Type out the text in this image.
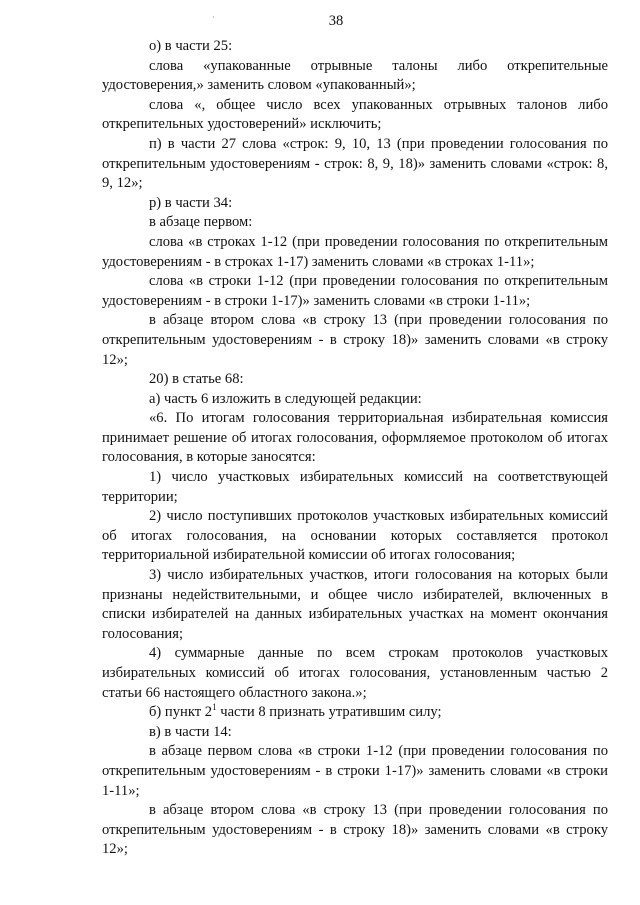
·	38

о) в части 25:

слова «упакованные отрывные талоны либо открепительные удостоверения,» заменить словом «упакованный»;

слова «, общее число всех упакованных отрывных талонов либо открепительных удостоверений» исключить;

п) в части 27 слова «строк: 9, 10, 13 (при проведении голосования по открепительным удостоверениям - строк: 8, 9, 18)» заменить словами «строк: 8, 9, 12»;

р) в части 34:

в абзаце первом:

слова «в строках 1-12 (при проведении голосования по открепительным удостоверениям - в строках 1-17) заменить словами «в строках 1-11»;

слова «в строки 1-12 (при проведении голосования по открепительным удостоверениям - в строки 1-17)» заменить словами «в строки 1-11»;

в абзаце втором слова «в строку 13 (при проведении голосования по открепительным удостоверениям - в строку 18)» заменить словами «в строку 12»;

20) в статье 68:

а) часть 6 изложить в следующей редакции:

«6. По итогам голосования территориальная избирательная комиссия принимает решение об итогах голосования, оформляемое протоколом об итогах голосования, в которые заносятся:

1) число участковых избирательных комиссий на соответствующей территории;

2) число поступивших протоколов участковых избирательных комиссий об итогах голосования, на основании которых составляется протокол территориальной избирательной комиссии об итогах голосования;

3) число избирательных участков, итоги голосования на которых были признаны недействительными, и общее число избирателей, включенных в списки избирателей на данных избирательных участках на момент окончания голосования;

4) суммарные данные по всем строкам протоколов участковых избирательных комиссий об итогах голосования, установленным частью 2 статьи 66 настоящего областного закона.»;

б) пункт $2^1$ части 8 признать утратившим силу;

в) в части 14:

в абзаце первом слова «в строки 1-12 (при проведении голосования по открепительным удостоверениям - в строки 1-17)» заменить словами «в строки 1-11»;

в абзаце втором слова «в строку 13 (при проведении голосования по открепительным удостоверениям - в строку 18)» заменить словами «в строку 12»;
